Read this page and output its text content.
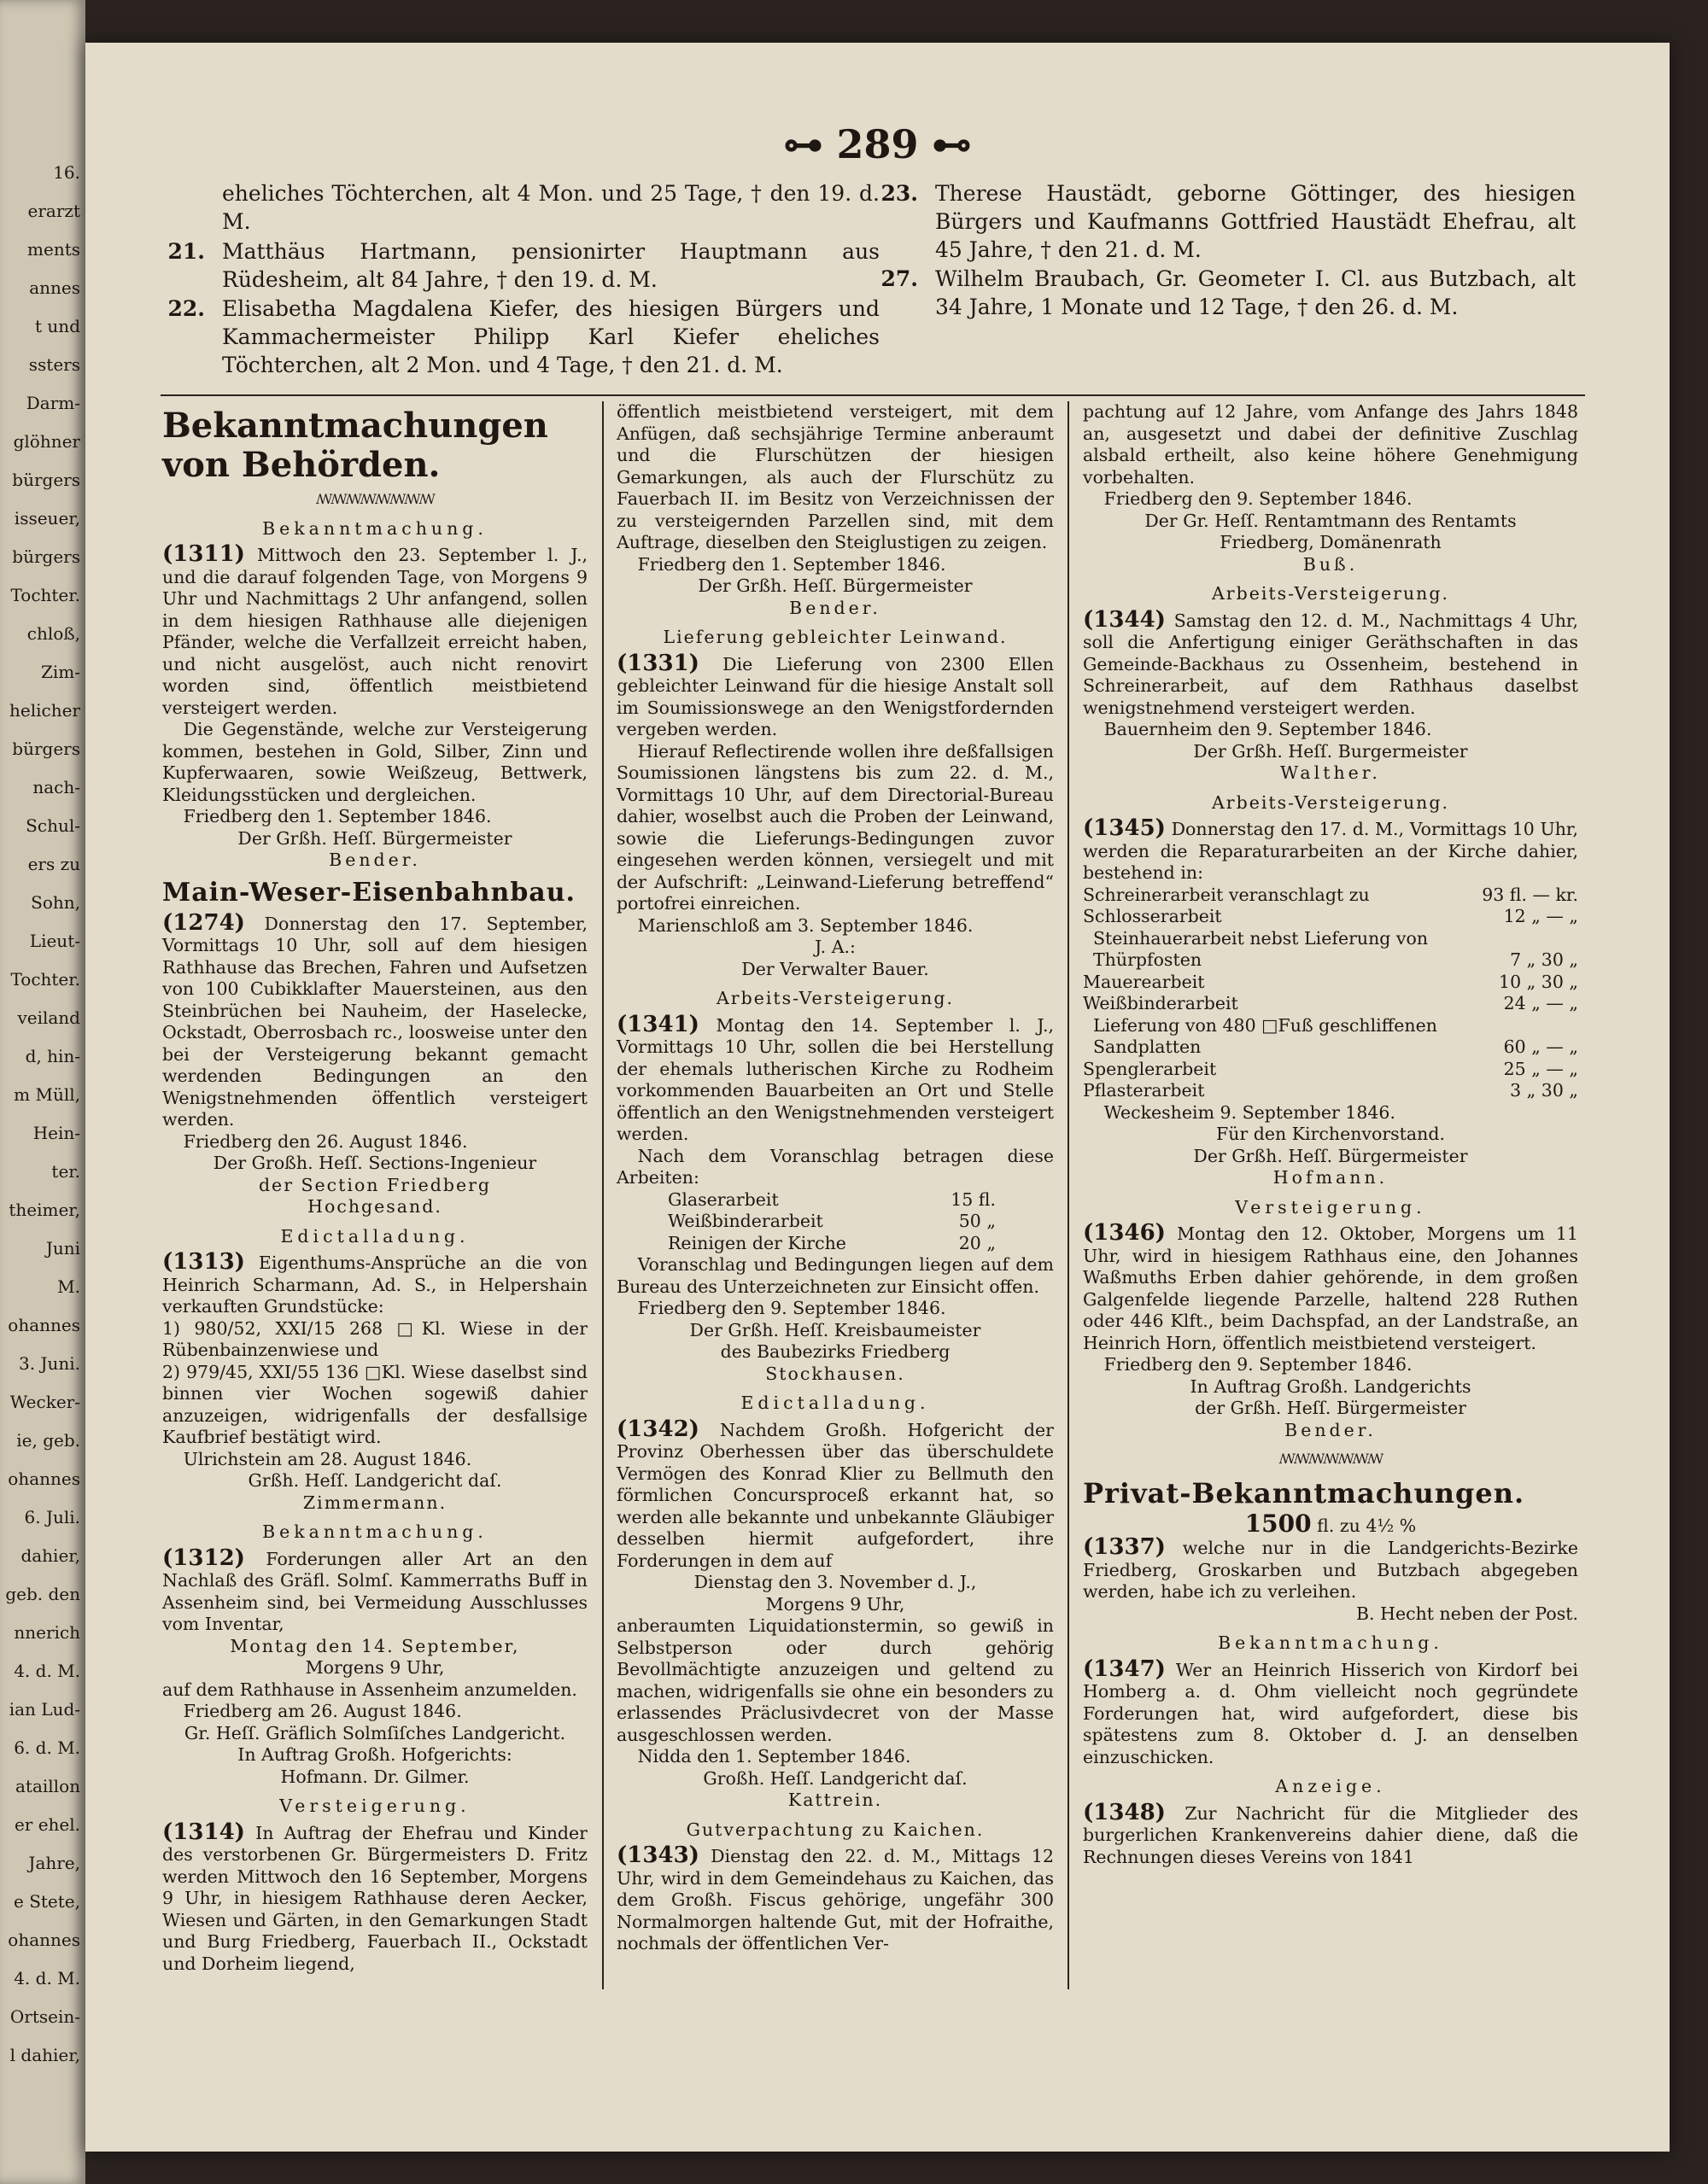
16.
erarzt
ments
annes
t und
ssters
Darm-
glöhner
bürgers
isseuer,
bürgers
Tochter.
chloß,
Zim-
helicher
bürgers
nach-
Schul-
ers zu
Sohn,
Lieut-
Tochter.
veiland
d, hin-
m Müll,
Hein-
ter.
theimer,
Juni
M.
ohannes
3. Juni.
Wecker-
ie, geb.
ohannes
6. Juli.
dahier,
geb. den
nnerich
4. d. M.
ian Lud-
6. d. M.
ataillon
er ehel.
Jahre,
e Stete,
ohannes
4. d. M.
Ortsein-
l dahier,
⊶ 289 ⊷
eheliches Töchterchen, alt 4 Mon. und 25 Tage, † den 19. d. M.
21. Matthäus Hartmann, pensionirter Hauptmann aus Rüdesheim, alt 84 Jahre, † den 19. d. M.
22. Elisabetha Magdalena Kiefer, des hiesigen Bürgers und Kammachermeister Philipp Karl Kiefer eheliches Töchterchen, alt 2 Mon. und 4 Tage, † den 21. d. M.
23. Therese Haustädt, geborne Göttinger, des hiesigen Bürgers und Kaufmanns Gottfried Haustädt Ehefrau, alt 45 Jahre, † den 21. d. M.
27. Wilhelm Braubach, Gr. Geometer I. Cl. aus Butzbach, alt 34 Jahre, 1 Monate und 12 Tage, † den 26. d. M.

Bekanntmachungen von Behörden.

ꟿꟿꟿꟿꟿꟿꟿꟿ

Bekanntmachung.

(1311) Mittwoch den 23. September l. J., und die darauf folgenden Tage, von Morgens 9 Uhr und Nachmittags 2 Uhr anfangend, sollen in dem hiesigen Rathhause alle diejenigen Pfänder, welche die Verfallzeit erreicht haben, und nicht ausgelöst, auch nicht renovirt worden sind, öffentlich meistbietend versteigert werden.

Die Gegenstände, welche zur Versteigerung kommen, bestehen in Gold, Silber, Zinn und Kupferwaaren, sowie Weißzeug, Bettwerk, Kleidungsstücken und dergleichen.

Friedberg den 1. September 1846.

Der Grßh. Heſſ. Bürgermeister

Bender.

Main-Weser-Eisenbahnbau.

(1274) Donnerstag den 17. September, Vormittags 10 Uhr, soll auf dem hiesigen Rathhause das Brechen, Fahren und Aufsetzen von 100 Cubikklafter Mauersteinen, aus den Steinbrüchen bei Nauheim, der Haselecke, Ockstadt, Oberrosbach rc., loosweise unter den bei der Versteigerung bekannt gemacht werdenden Bedingungen an den Wenigstnehmenden öffentlich versteigert werden.

Friedberg den 26. August 1846.

Der Großh. Heſſ. Sections-Ingenieur

der Section Friedberg

Hochgesand.

Edictalladung.

(1313) Eigenthums-Ansprüche an die von Heinrich Scharmann, Ad. S., in Helpershain verkauften Grundstücke:

1) 980/52, XXI/15 268 □Kl. Wiese in der Rübenbainzenwiese und

2) 979/45, XXI/55 136 □Kl. Wiese daselbst sind binnen vier Wochen sogewiß dahier anzuzeigen, widrigenfalls der desfallsige Kaufbrief bestätigt wird.

Ulrichstein am 28. August 1846.

Grßh. Heſſ. Landgericht daſ.

Zimmermann.

Bekanntmachung.

(1312) Forderungen aller Art an den Nachlaß des Gräfl. Solmſ. Kammerraths Buff in Assenheim sind, bei Vermeidung Ausschlusses vom Inventar,

Montag den 14. September,

Morgens 9 Uhr,

auf dem Rathhause in Assenheim anzumelden.

Friedberg am 26. August 1846.

Gr. Heſſ. Gräflich Solmſiſches Landgericht.

In Auftrag Großh. Hofgerichts:

Hofmann. Dr. Gilmer.

Versteigerung.

(1314) In Auftrag der Ehefrau und Kinder des verstorbenen Gr. Bürgermeisters D. Fritz werden Mittwoch den 16 September, Morgens 9 Uhr, in hiesigem Rathhause deren Aecker, Wiesen und Gärten, in den Gemarkungen Stadt und Burg Friedberg, Fauerbach II., Ockstadt und Dorheim liegend,

öffentlich meistbietend versteigert, mit dem Anfügen, daß sechsjährige Termine anberaumt und die Flurschützen der hiesigen Gemarkungen, als auch der Flurschütz zu Fauerbach II. im Besitz von Verzeichnissen der zu versteigernden Parzellen sind, mit dem Auftrage, dieselben den Steiglustigen zu zeigen.

Friedberg den 1. September 1846.

Der Grßh. Heſſ. Bürgermeister

Bender.

Lieferung gebleichter Leinwand.

(1331) Die Lieferung von 2300 Ellen gebleichter Leinwand für die hiesige Anstalt soll im Soumissionswege an den Wenigstfordernden vergeben werden.

Hierauf Reflectirende wollen ihre deßfallsigen Soumissionen längstens bis zum 22. d. M., Vormittags 10 Uhr, auf dem Directorial-Bureau dahier, woselbst auch die Proben der Leinwand, sowie die Lieferungs-Bedingungen zuvor eingesehen werden können, versiegelt und mit der Aufschrift: „Leinwand-Lieferung betreffend“ portofrei einreichen.

Marienschloß am 3. September 1846.

J. A.:

Der Verwalter Bauer.

Arbeits-Versteigerung.

(1341) Montag den 14. September l. J., Vormittags 10 Uhr, sollen die bei Herstellung der ehemals lutherischen Kirche zu Rodheim vorkommenden Bauarbeiten an Ort und Stelle öffentlich an den Wenigstnehmenden versteigert werden.

Nach dem Voranschlag betragen diese Arbeiten:

Glaserarbeit	15 fl.
Weißbinderarbeit	50 „
Reinigen der Kirche	20 „

Voranschlag und Bedingungen liegen auf dem Bureau des Unterzeichneten zur Einsicht offen.

Friedberg den 9. September 1846.

Der Grßh. Heſſ. Kreisbaumeister

des Baubezirks Friedberg

Stockhausen.

Edictalladung.

(1342) Nachdem Großh. Hofgericht der Provinz Oberhessen über das überschuldete Vermögen des Konrad Klier zu Bellmuth den förmlichen Concursproceß erkannt hat, so werden alle bekannte und unbekannte Gläubiger desselben hiermit aufgefordert, ihre Forderungen in dem auf

Dienstag den 3. November d. J.,

Morgens 9 Uhr,

anberaumten Liquidationstermin, so gewiß in Selbstperson oder durch gehörig Bevollmächtigte anzuzeigen und geltend zu machen, widrigenfalls sie ohne ein besonders zu erlassendes Präclusivdecret von der Masse ausgeschlossen werden.

Nidda den 1. September 1846.

Großh. Heſſ. Landgericht daſ.

Kattrein.

Gutverpachtung zu Kaichen.

(1343) Dienstag den 22. d. M., Mittags 12 Uhr, wird in dem Gemeindehaus zu Kaichen, das dem Großh. Fiscus gehörige, ungefähr 300 Normalmorgen haltende Gut, mit der Hofraithe, nochmals der öffentlichen Ver-

pachtung auf 12 Jahre, vom Anfange des Jahrs 1848 an, ausgesetzt und dabei der definitive Zuschlag alsbald ertheilt, also keine höhere Genehmigung vorbehalten.

Friedberg den 9. September 1846.

Der Gr. Heſſ. Rentamtmann des Rentamts

Friedberg, Domänenrath

Buß.

Arbeits-Versteigerung.

(1344) Samstag den 12. d. M., Nachmittags 4 Uhr, soll die Anfertigung einiger Geräthschaften in das Gemeinde-Backhaus zu Ossenheim, bestehend in Schreinerarbeit, auf dem Rathhaus daselbst wenigstnehmend versteigert werden.

Bauernheim den 9. September 1846.

Der Grßh. Heſſ. Burgermeister

Walther.

Arbeits-Versteigerung.

(1345) Donnerstag den 17. d. M., Vormittags 10 Uhr, werden die Reparaturarbeiten an der Kirche dahier, bestehend in:

Schreinerarbeit veranschlagt zu	93 fl. — kr.
Schlosserarbeit	12 „ — „
Steinhauerarbeit nebst Lieferung von Thürpfosten	7 „ 30 „
Mauerearbeit	10 „ 30 „
Weißbinderarbeit	24 „ — „
Lieferung von 480 □Fuß geschliffenen Sandplatten	60 „ — „
Spenglerarbeit	25 „ — „
Pflasterarbeit	3 „ 30 „

Weckesheim 9. September 1846.

Für den Kirchenvorstand.

Der Grßh. Heſſ. Bürgermeister

Hofmann.

Versteigerung.

(1346) Montag den 12. Oktober, Morgens um 11 Uhr, wird in hiesigem Rathhaus eine, den Johannes Waßmuths Erben dahier gehörende, in dem großen Galgenfelde liegende Parzelle, haltend 228 Ruthen oder 446 Klft., beim Dachspfad, an der Landstraße, an Heinrich Horn, öffentlich meistbietend versteigert.

Friedberg den 9. September 1846.

In Auftrag Großh. Landgerichts

der Grßh. Heſſ. Bürgermeister

Bender.

ꟿꟿꟿꟿꟿꟿꟿ

Privat-Bekanntmachungen.

1500 fl. zu 4½ %

(1337) welche nur in die Landgerichts-Bezirke Friedberg, Groskarben und Butzbach abgegeben werden, habe ich zu verleihen.

B. Hecht neben der Post.

Bekanntmachung.

(1347) Wer an Heinrich Hisserich von Kirdorf bei Homberg a. d. Ohm vielleicht noch gegründete Forderungen hat, wird aufgefordert, diese bis spätestens zum 8. Oktober d. J. an denselben einzuschicken.

Anzeige.

(1348) Zur Nachricht für die Mitglieder des burgerlichen Krankenvereins dahier diene, daß die Rechnungen dieses Vereins von 1841
